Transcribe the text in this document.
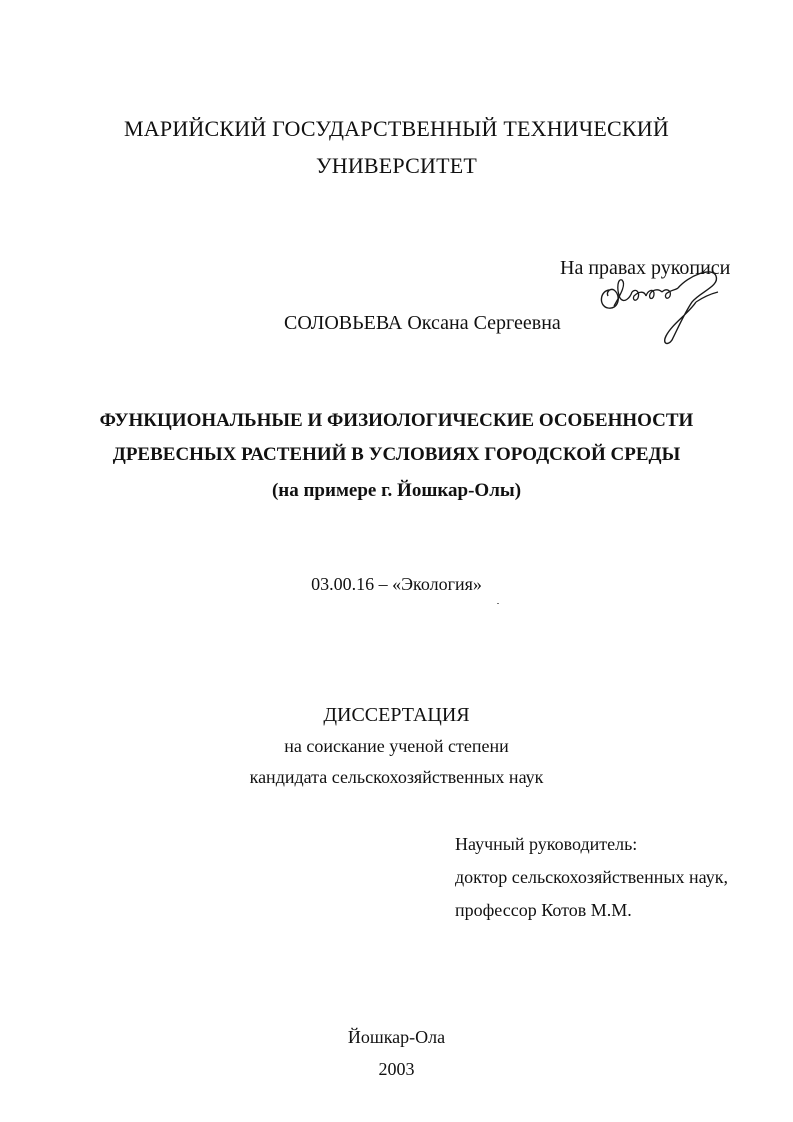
МАРИЙСКИЙ ГОСУДАРСТВЕННЫЙ ТЕХНИЧЕСКИЙ
УНИВЕРСИТЕТ
На правах рукописи
СОЛОВЬЕВА Оксана Сергеевна
ФУНКЦИОНАЛЬНЫЕ И ФИЗИОЛОГИЧЕСКИЕ ОСОБЕННОСТИ
ДРЕВЕСНЫХ РАСТЕНИЙ В УСЛОВИЯХ ГОРОДСКОЙ СРЕДЫ
(на примере г. Йошкар-Олы)
03.00.16 – «Экология»
ДИССЕРТАЦИЯ
на соискание ученой степени
кандидата сельскохозяйственных наук
Научный руководитель:
доктор сельскохозяйственных наук,
профессор Котов М.М.
Йошкар-Ола
2003
